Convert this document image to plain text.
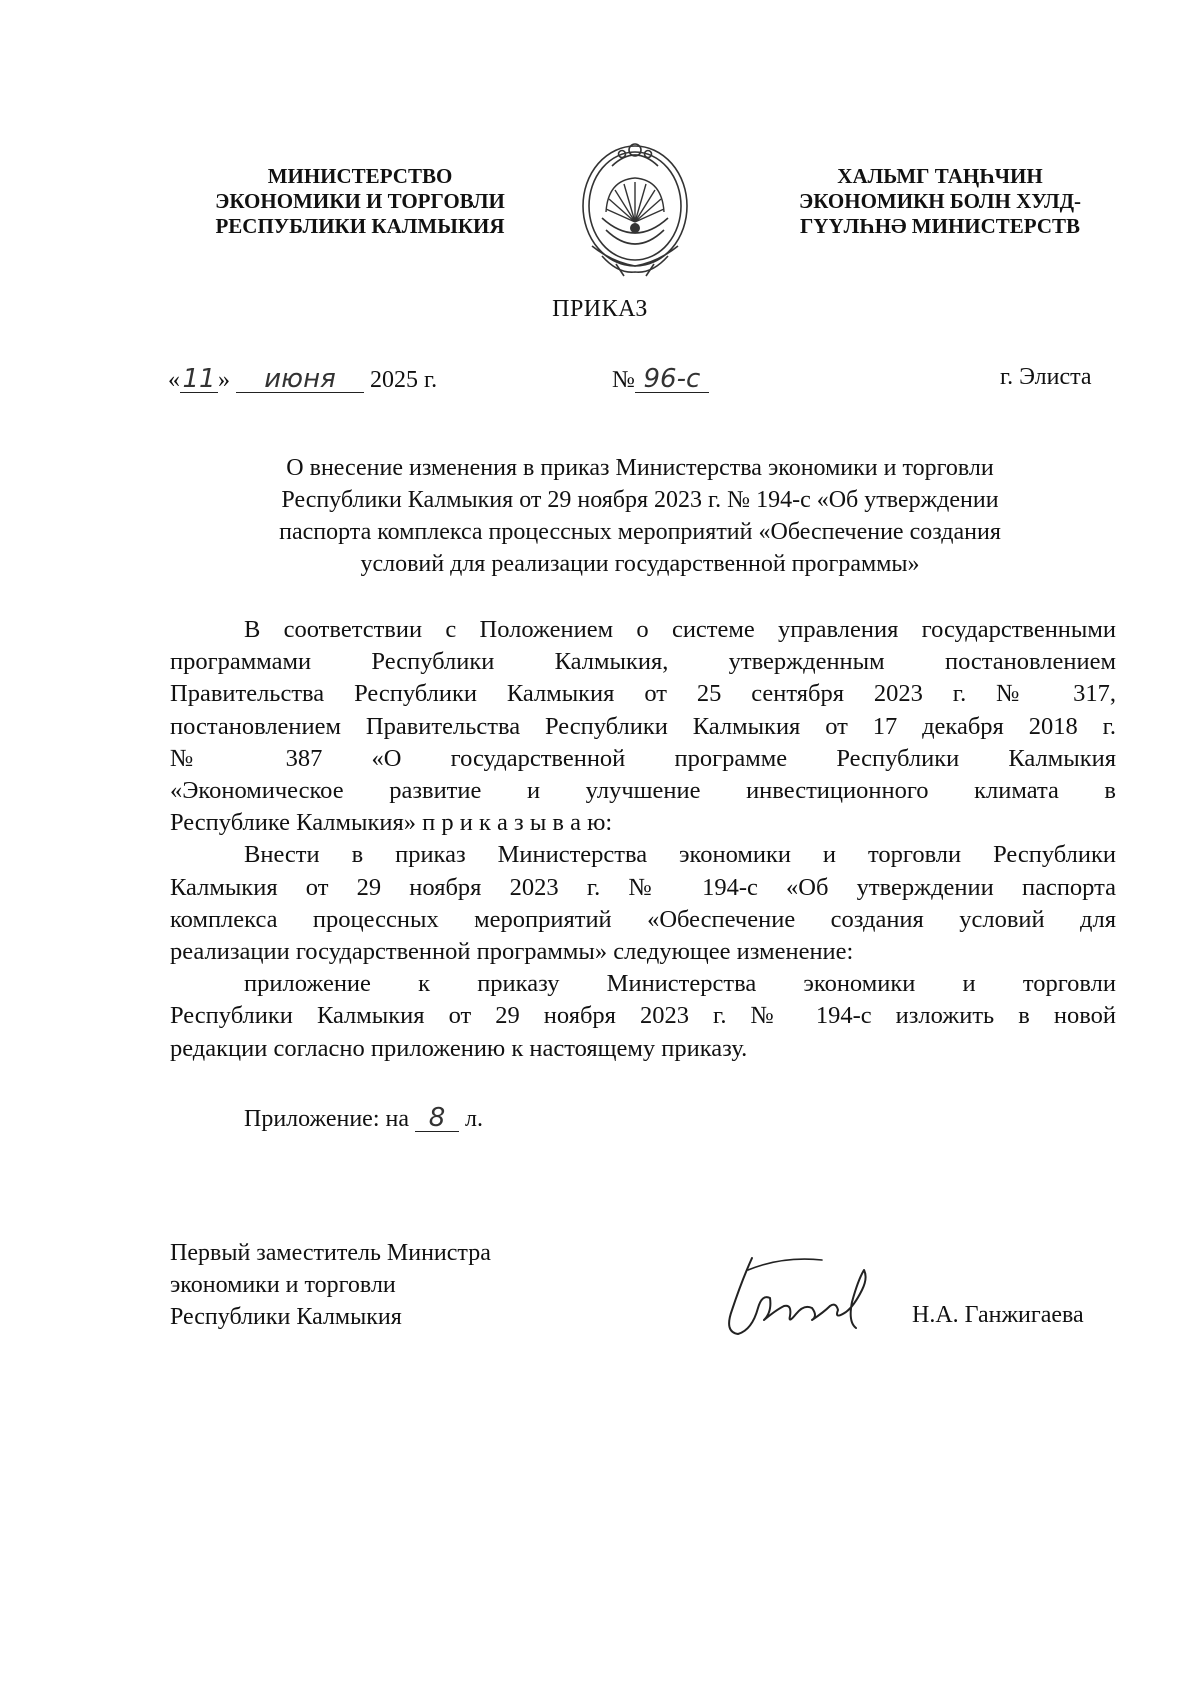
МИНИСТЕРСТВО
ЭКОНОМИКИ И ТОРГОВЛИ
РЕСПУБЛИКИ КАЛМЫКИЯ
ХАЛЬМГ ТАҢҺЧИН
ЭКОНОМИКН БОЛН ХУЛД-
ГҮҮЛҺНӘ МИНИСТЕРСТВ
ПРИКАЗ
«11 » июня 2025 г.	№ 96-с	г. Элиста
О внесение изменения в приказ Министерства экономики и торговли
Республики Калмыкия от 29 ноября 2023 г. № 194-с «Об утверждении
паспорта комплекса процессных мероприятий «Обеспечение создания
условий для реализации государственной программы»
В соответствии с Положением о системе управления государственными
программами Республики Калмыкия, утвержденным постановлением
Правительства Республики Калмыкия от 25 сентября 2023 г. № 317,
постановлением Правительства Республики Калмыкия от 17 декабря 2018 г.
№ 387 «О государственной программе Республики Калмыкия
«Экономическое развитие и улучшение инвестиционного климата в
Республике Калмыкия» п р и к а з ы в а ю:
Внести в приказ Министерства экономики и торговли Республики
Калмыкия от 29 ноября 2023 г. № 194-с «Об утверждении паспорта
комплекса процессных мероприятий «Обеспечение создания условий для
реализации государственной программы» следующее изменение:
приложение к приказу Министерства экономики и торговли
Республики Калмыкия от 29 ноября 2023 г. № 194-с изложить в новой
редакции согласно приложению к настоящему приказу.
Приложение: на 8 л.
Первый заместитель Министра
экономики и торговли
Республики Калмыкия	Н.А. Ганжигаева
